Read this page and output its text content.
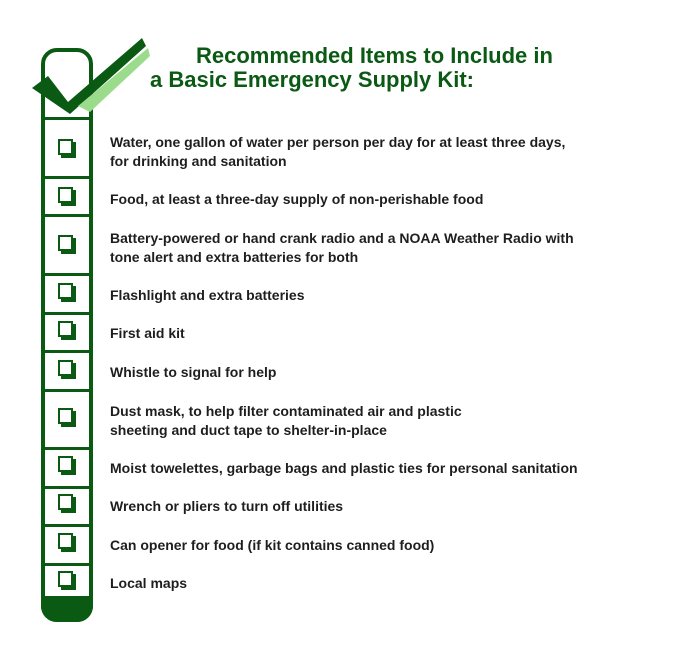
Recommended Items to Include in
a Basic Emergency Supply Kit:
Water, one gallon of water per person per day for at least three days,
for drinking and sanitation
Food, at least a three-day supply of non-perishable food
Battery-powered or hand crank radio and a NOAA Weather Radio with
tone alert and extra batteries for both
Flashlight and extra batteries
First aid kit
Whistle to signal for help
Dust mask, to help filter contaminated air and plastic
sheeting and duct tape to shelter-in-place
Moist towelettes, garbage bags and plastic ties for personal sanitation
Wrench or pliers to turn off utilities
Can opener for food (if kit contains canned food)
Local maps
